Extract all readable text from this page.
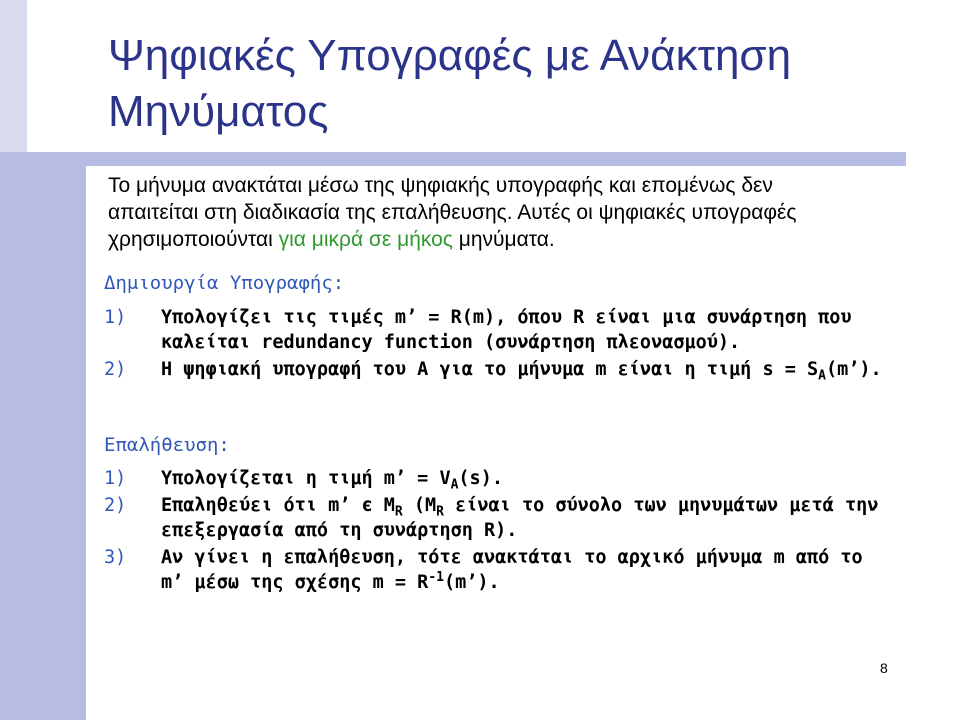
Ψηφιακές Υπογραφές με Ανάκτηση Μηνύματος

Το μήνυμα ανακτάται μέσω της ψηφιακής υπογραφής και επομένως δεν απαιτείται στη διαδικασία της επαλήθευσης. Αυτές οι ψηφιακές υπογραφές χρησιμοποιούνται για μικρά σε μήκος μηνύματα.

Δημιουργία Υπογραφής:
1) Υπολογίζει τις τιμές m’ = R(m), όπου R είναι μια συνάρτηση που καλείται redundancy function (συνάρτηση πλεονασμού).
2) Η ψηφιακή υπογραφή του A για το μήνυμα m είναι η τιμή $s = S_A(m’)$.
Επαλήθευση:
1) Υπολογίζεται η τιμή m’ = $V_A(s)$.
2) Επαληθεύει ότι m’ є $M_R$ ($M_R$ είναι το σύνολο των μηνυμάτων μετά την επεξεργασία από τη συνάρτηση R).
3) Αν γίνει η επαλήθευση, τότε ανακτάται το αρχικό μήνυμα m από το m’ μέσω της σχέσης $m = R^{-1}(m’)$.
8
